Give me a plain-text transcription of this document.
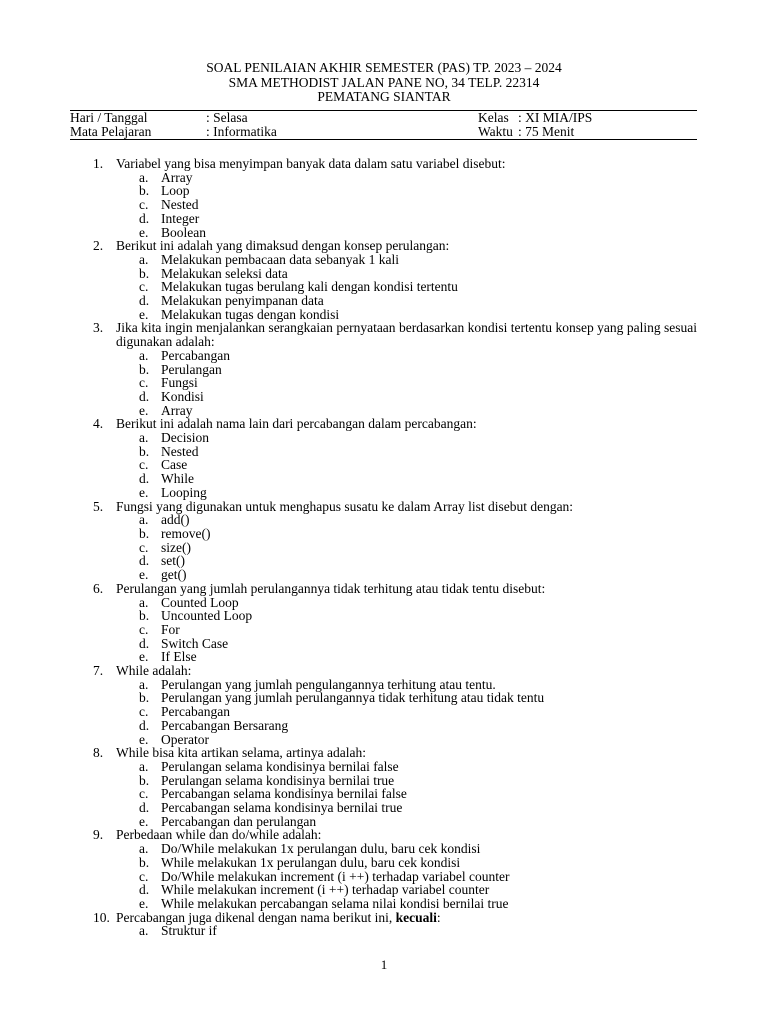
SOAL PENILAIAN AKHIR SEMESTER (PAS) TP. 2023 – 2024
SMA METHODIST JALAN PANE NO, 34 TELP. 22314
PEMATANG SIANTAR
Hari / Tanggal	: Selasa	Kelas : XI MIA/IPS
Mata Pelajaran	: Informatika	Waktu : 75 Menit
1. Variabel yang bisa menyimpan banyak data dalam satu variabel disebut:
a. Array
b. Loop
c. Nested
d. Integer
e. Boolean
2. Berikut ini adalah yang dimaksud dengan konsep perulangan:
a. Melakukan pembacaan data sebanyak 1 kali
b. Melakukan seleksi data
c. Melakukan tugas berulang kali dengan kondisi tertentu
d. Melakukan penyimpanan data
e. Melakukan tugas dengan kondisi
3. Jika kita ingin menjalankan serangkaian pernyataan berdasarkan kondisi tertentu konsep yang paling sesuai digunakan adalah:
a. Percabangan
b. Perulangan
c. Fungsi
d. Kondisi
e. Array
4. Berikut ini adalah nama lain dari percabangan dalam percabangan:
a. Decision
b. Nested
c. Case
d. While
e. Looping
5. Fungsi yang digunakan untuk menghapus susatu ke dalam Array list disebut dengan:
a. add()
b. remove()
c. size()
d. set()
e. get()
6. Perulangan yang jumlah perulangannya tidak terhitung atau tidak tentu disebut:
a. Counted Loop
b. Uncounted Loop
c. For
d. Switch Case
e. If Else
7. While adalah:
a. Perulangan yang jumlah pengulangannya terhitung atau tentu.
b. Perulangan yang jumlah perulangannya tidak terhitung atau tidak tentu
c. Percabangan
d. Percabangan Bersarang
e. Operator
8. While bisa kita artikan selama, artinya adalah:
a. Perulangan selama kondisinya bernilai false
b. Perulangan selama kondisinya bernilai true
c. Percabangan selama kondisinya bernilai false
d. Percabangan selama kondisinya bernilai true
e. Percabangan dan perulangan
9. Perbedaan while dan do/while adalah:
a. Do/While melakukan 1x perulangan dulu, baru cek kondisi
b. While melakukan 1x perulangan dulu, baru cek kondisi
c. Do/While melakukan increment (i ++) terhadap variabel counter
d. While melakukan increment (i ++) terhadap variabel counter
e. While melakukan percabangan selama nilai kondisi bernilai true
10. Percabangan juga dikenal dengan nama berikut ini, kecuali:
a. Struktur if
1
